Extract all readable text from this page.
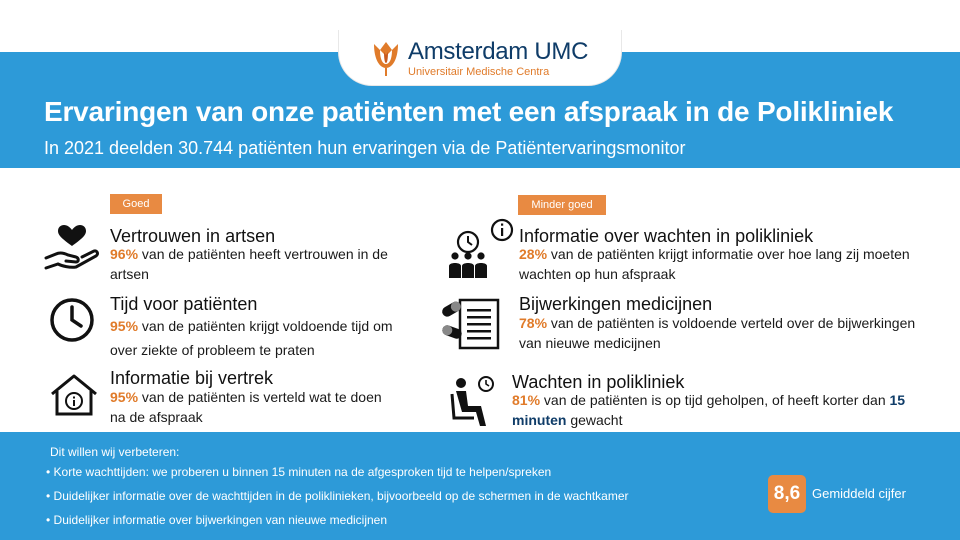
Amsterdam UMC
Universitair Medische Centra
Ervaringen van onze patiënten met een afspraak in de Polikliniek
In 2021 deelden 30.744 patiënten hun ervaringen via de Patiëntervaringsmonitor
Goed	Minder goed
Vertrouwen in artsen
96% van de patiënten heeft vertrouwen in de artsen
Tijd voor patiënten
95% van de patiënten krijgt voldoende tijd om over ziekte of probleem te praten
Informatie bij vertrek
95% van de patiënten is verteld wat te doen na de afspraak
Informatie over wachten in polikliniek
28% van de patiënten krijgt informatie over hoe lang zij moeten wachten op hun afspraak
Bijwerkingen medicijnen
78% van de patiënten is voldoende verteld over de bijwerkingen van nieuwe medicijnen
Wachten in polikliniek
81% van de patiënten is op tijd geholpen, of heeft korter dan 15 minuten gewacht
Dit willen wij verbeteren:
• Korte wachttijden: we proberen u binnen 15 minuten na de afgesproken tijd te helpen/spreken
• Duidelijker informatie over de wachttijden in de poliklinieken, bijvoorbeeld op de schermen in de wachtkamer
• Duidelijker informatie over bijwerkingen van nieuwe medicijnen
8,6 Gemiddeld cijfer
